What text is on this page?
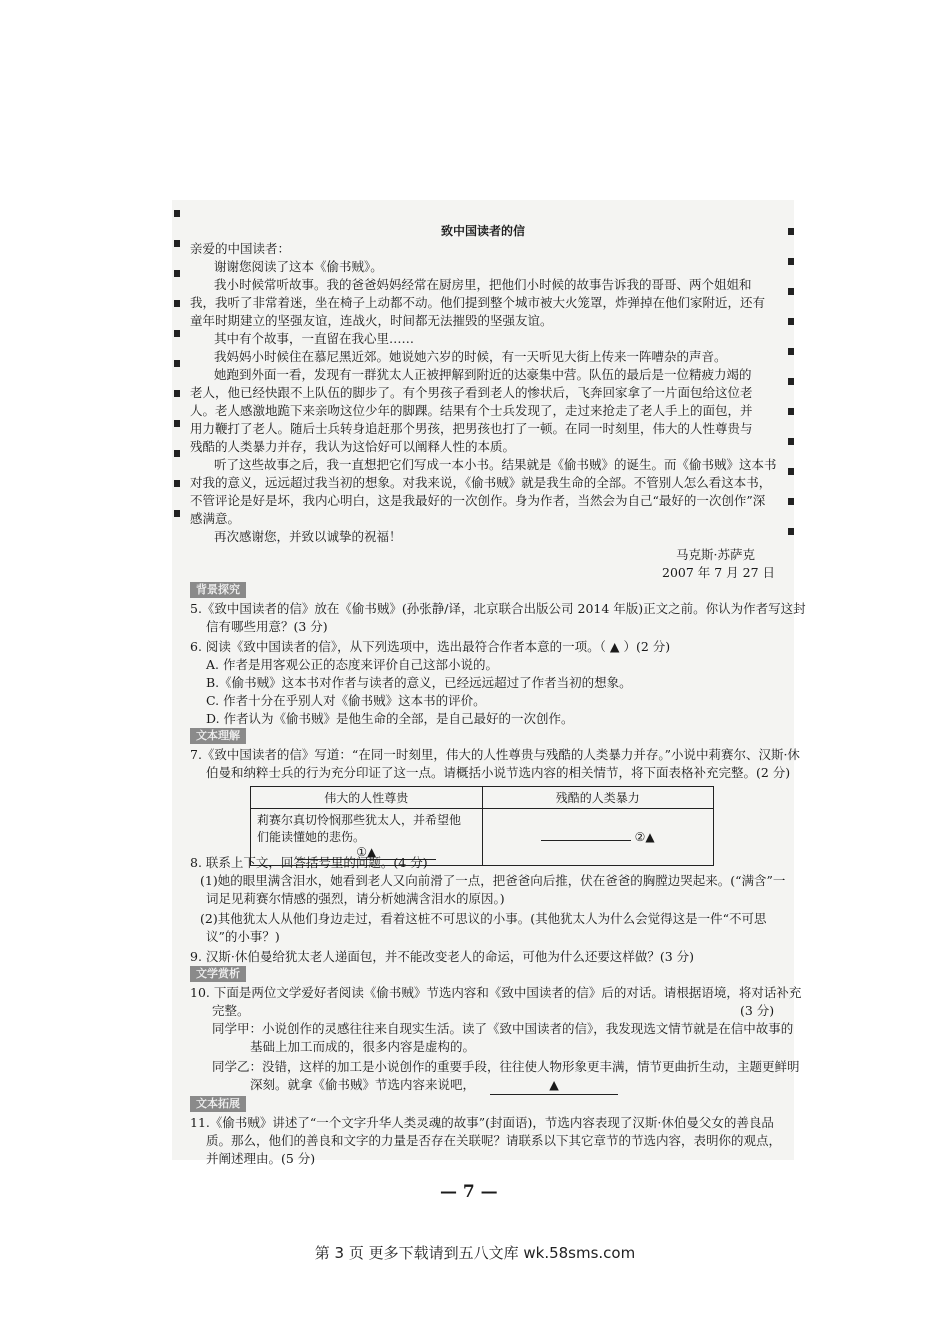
致中国读者的信
亲爱的中国读者：
谢谢您阅读了这本《偷书贼》。
我小时候常听故事。我的爸爸妈妈经常在厨房里，把他们小时候的故事告诉我的哥哥、两个姐姐和
我，我听了非常着迷，坐在椅子上动都不动。他们提到整个城市被大火笼罩，炸弹掉在他们家附近，还有
童年时期建立的坚强友谊，连战火，时间都无法摧毁的坚强友谊。
其中有个故事，一直留在我心里……
我妈妈小时候住在慕尼黑近郊。她说她六岁的时候，有一天听见大街上传来一阵嘈杂的声音。
她跑到外面一看，发现有一群犹太人正被押解到附近的达豪集中营。队伍的最后是一位精疲力竭的
老人，他已经快跟不上队伍的脚步了。有个男孩子看到老人的惨状后，飞奔回家拿了一片面包给这位老
人。老人感激地跪下来亲吻这位少年的脚踝。结果有个士兵发现了，走过来抢走了老人手上的面包，并
用力鞭打了老人。随后士兵转身追赶那个男孩，把男孩也打了一顿。在同一时刻里，伟大的人性尊贵与
残酷的人类暴力并存，我认为这恰好可以阐释人性的本质。
听了这些故事之后，我一直想把它们写成一本小书。结果就是《偷书贼》的诞生。而《偷书贼》这本书
对我的意义，远远超过我当初的想象。对我来说，《偷书贼》就是我生命的全部。不管别人怎么看这本书，
不管评论是好是坏，我内心明白，这是我最好的一次创作。身为作者，当然会为自己“最好的一次创作”深
感满意。
再次感谢您，并致以诚挚的祝福！
马克斯·苏萨克
2007 年 7 月 27 日
背景探究
5.《致中国读者的信》放在《偷书贼》(孙张静/译，北京联合出版公司 2014 年版)正文之前。你认为作者写这封
信有哪些用意？(3 分)
6. 阅读《致中国读者的信》，从下列选项中，选出最符合作者本意的一项。（ ▲ ）(2 分)
A. 作者是用客观公正的态度来评价自己这部小说的。
B.《偷书贼》这本书对作者与读者的意义，已经远远超过了作者当初的想象。
C. 作者十分在乎别人对《偷书贼》这本书的评价。
D. 作者认为《偷书贼》是他生命的全部，是自己最好的一次创作。
文本理解
7.《致中国读者的信》写道：“在同一时刻里，伟大的人性尊贵与残酷的人类暴力并存。”小说中莉赛尔、汉斯·休
伯曼和纳粹士兵的行为充分印证了这一点。请概括小说节选内容的相关情节，将下面表格补充完整。(2 分)
伟大的人性尊贵	残酷的人类暴力

莉赛尔真切怜悯那些犹太人，并希望他
们能读懂她的悲伤。
①▲	②▲
8. 联系上下文，回答括号里的问题。(4 分)
(1)她的眼里满含泪水，她看到老人又向前滑了一点，把爸爸向后推，伏在爸爸的胸膛边哭起来。(“满含”一
词足见莉赛尔情感的强烈，请分析她满含泪水的原因。)
(2)其他犹太人从他们身边走过，看着这桩不可思议的小事。(其他犹太人为什么会觉得这是一件“不可思
议”的小事？)
9. 汉斯·休伯曼给犹太老人递面包，并不能改变老人的命运，可他为什么还要这样做？(3 分)
文学赏析
10. 下面是两位文学爱好者阅读《偷书贼》节选内容和《致中国读者的信》后的对话。请根据语境，将对话补充
完整。	(3 分)
同学甲：小说创作的灵感往往来自现实生活。读了《致中国读者的信》，我发现选文情节就是在信中故事的
基础上加工而成的，很多内容是虚构的。
同学乙：没错，这样的加工是小说创作的重要手段，往往使人物形象更丰满，情节更曲折生动，主题更鲜明
深刻。就拿《偷书贼》节选内容来说吧，	▲
文本拓展
11.《偷书贼》讲述了“一个文字升华人类灵魂的故事”(封面语)，节选内容表现了汉斯·休伯曼父女的善良品
质。那么，他们的善良和文字的力量是否存在关联呢？请联系以下其它章节的节选内容，表明你的观点，
并阐述理由。(5 分)
— 7 —
第 3 页 更多下载请到五八文库 wk.58sms.com
